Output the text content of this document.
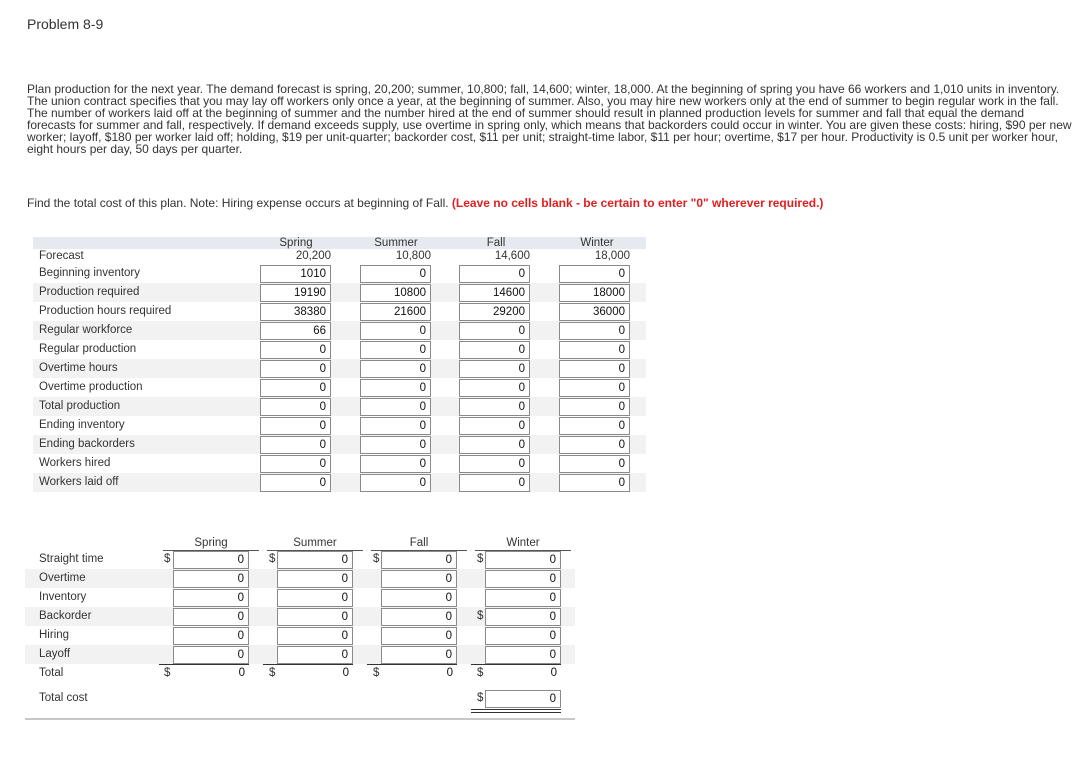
Problem 8-9
Plan production for the next year. The demand forecast is spring, 20,200; summer, 10,800; fall, 14,600; winter, 18,000. At the beginning of spring you have 66 workers and 1,010 units in inventory. The union contract specifies that you may lay off workers only once a year, at the beginning of summer. Also, you may hire new workers only at the end of summer to begin regular work in the fall. The number of workers laid off at the beginning of summer and the number hired at the end of summer should result in planned production levels for summer and fall that equal the demand forecasts for summer and fall, respectively. If demand exceeds supply, use overtime in spring only, which means that backorders could occur in winter. You are given these costs: hiring, $90 per new worker; layoff, $180 per worker laid off; holding, $19 per unit-quarter; backorder cost, $11 per unit; straight-time labor, $11 per hour; overtime, $17 per hour. Productivity is 0.5 unit per worker hour, eight hours per day, 50 days per quarter.
Find the total cost of this plan. Note: Hiring expense occurs at beginning of Fall. (Leave no cells blank - be certain to enter "0" wherever required.)
Spring	Summer	Fall	Winter
Forecast	20,200	10,800	14,600	18,000
Beginning inventory	1010	0	0	0
Production required	19190	10800	14600	18000
Production hours required	38380	21600	29200	36000
Regular workforce	66	0	0	0
Regular production	0	0	0	0
Overtime hours	0	0	0	0
Overtime production	0	0	0	0
Total production	0	0	0	0
Ending inventory	0	0	0	0
Ending backorders	0	0	0	0
Workers hired	0	0	0	0
Workers laid off	0	0	0	0
Spring	Summer	Fall	Winter
Straight time	$	0	$	0	$	0	$	0
Overtime	0	0	0	0
Inventory	0	0	0	0
Backorder	0	0	0	$	0
Hiring	0	0	0	0
Layoff	0	0	0	0
Total	$	0	$	0	$	0	$	0
Total cost	$	0
